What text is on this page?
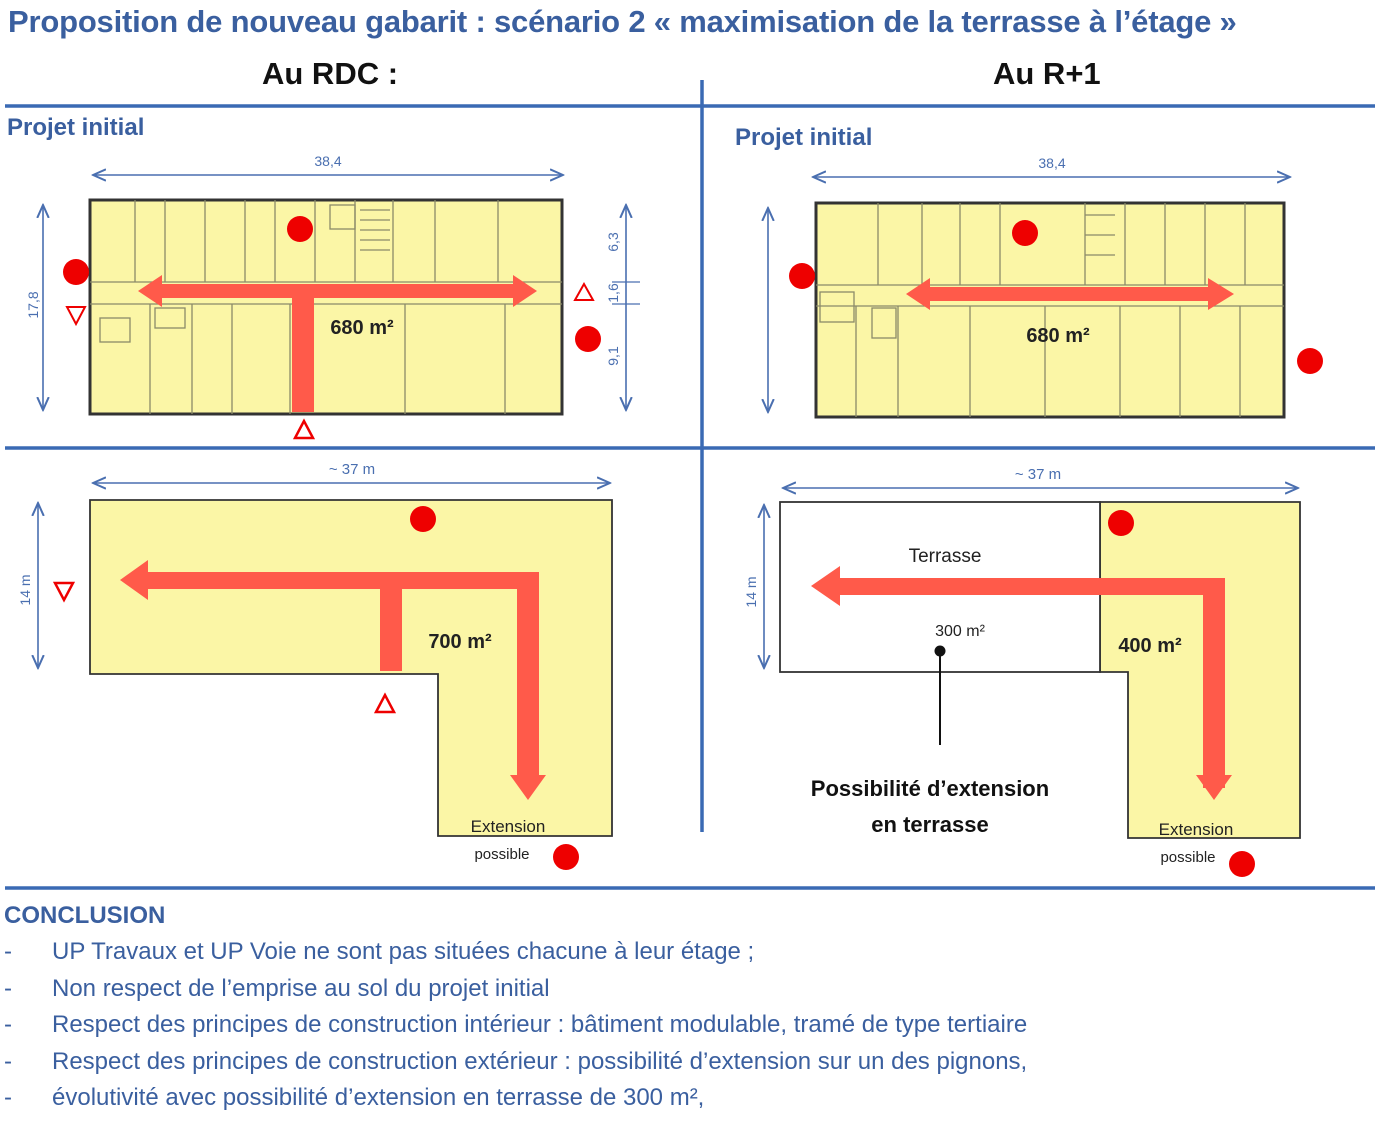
Proposition de nouveau gabarit : scénario 2 « maximisation de la terrasse à l’étage »
Au RDC :	Au R+1
Projet initial	Projet initial
38,4
17,8
6,3
1,6
9,1
680 m²
38,4
680 m²
~ 37 m
14 m
700 m²
Extension
possible
~ 37 m
14 m
Terrasse
300 m²
400 m²
Possibilité d’extension
en terrasse	Extension
possible
CONCLUSION
- UP Travaux et UP Voie ne sont pas situées chacune à leur étage ;
- Non respect de l’emprise au sol du projet initial
- Respect des principes de construction intérieur : bâtiment modulable, tramé de type tertiaire
- Respect des principes de construction extérieur : possibilité d’extension sur un des pignons,
- évolutivité avec possibilité d’extension en terrasse de 300 m²,
